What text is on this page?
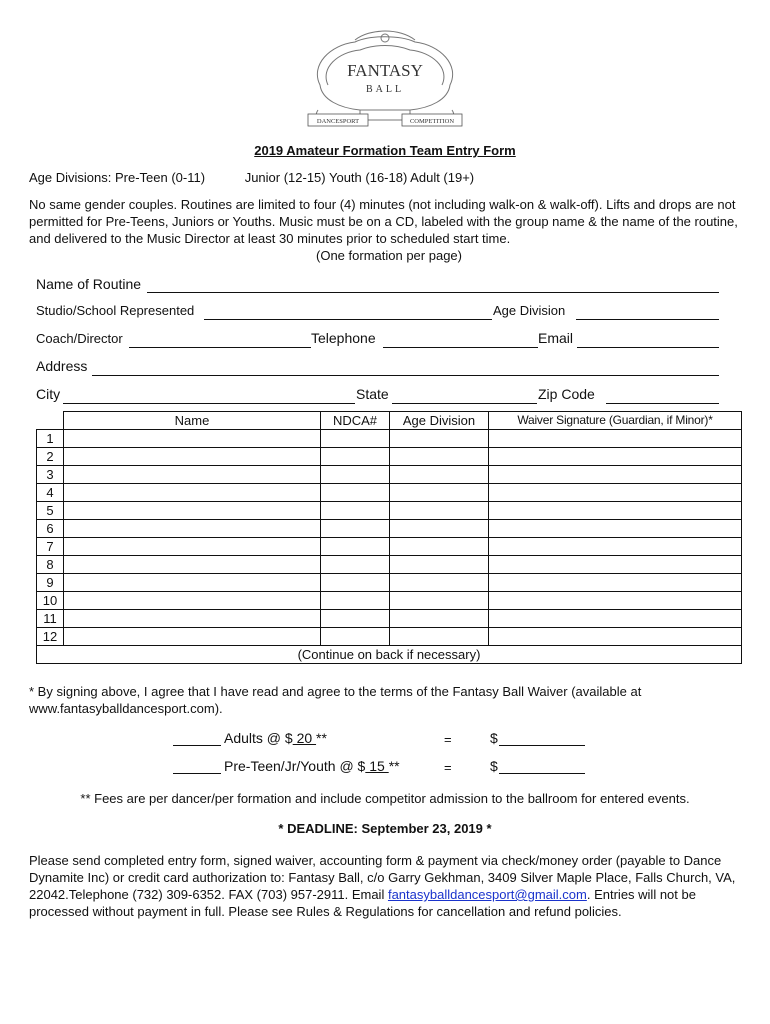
FANTASY
BALL
DANCESPORT	COMPETITION
2019 Amateur Formation Team Entry Form
Age Divisions: Pre-Teen (0-11)	Junior (12-15) Youth (16-18) Adult (19+)
No same gender couples. Routines are limited to four (4) minutes (not including walk-on & walk-off). Lifts and drops are not permitted for Pre-Teens, Juniors or Youths. Music must be on a CD, labeled with the group name & the name of the routine, and delivered to the Music Director at least 30 minutes prior to scheduled start time.
(One formation per page)
Name of Routine
Studio/School Represented	Age Division
Coach/Director	Telephone	Email
Address
City	State	Zip Code
	Name	NDCA#	Age Division	Waiver Signature (Guardian, if Minor)*
1				
2				
3				
4				
5				
6				
7				
8				
9				
10				
11				
12				
(Continue on back if necessary)				
* By signing above, I agree that I have read and agree to the terms of the Fantasy Ball Waiver (available at www.fantasyballdancesport.com).
Adults @ $ 20 **	=	$
Pre-Teen/Jr/Youth @ $ 15 **	=	$
** Fees are per dancer/per formation and include competitor admission to the ballroom for entered events.
* DEADLINE: September 23, 2019 *
Please send completed entry form, signed waiver, accounting form & payment via check/money order (payable to Dance Dynamite Inc) or credit card authorization to: Fantasy Ball, c/o Garry Gekhman, 3409 Silver Maple Place, Falls Church, VA, 22042.Telephone (732) 309-6352. FAX (703) 957-2911. Email fantasyballdancesport@gmail.com. Entries will not be processed without payment in full. Please see Rules & Regulations for cancellation and refund policies.
